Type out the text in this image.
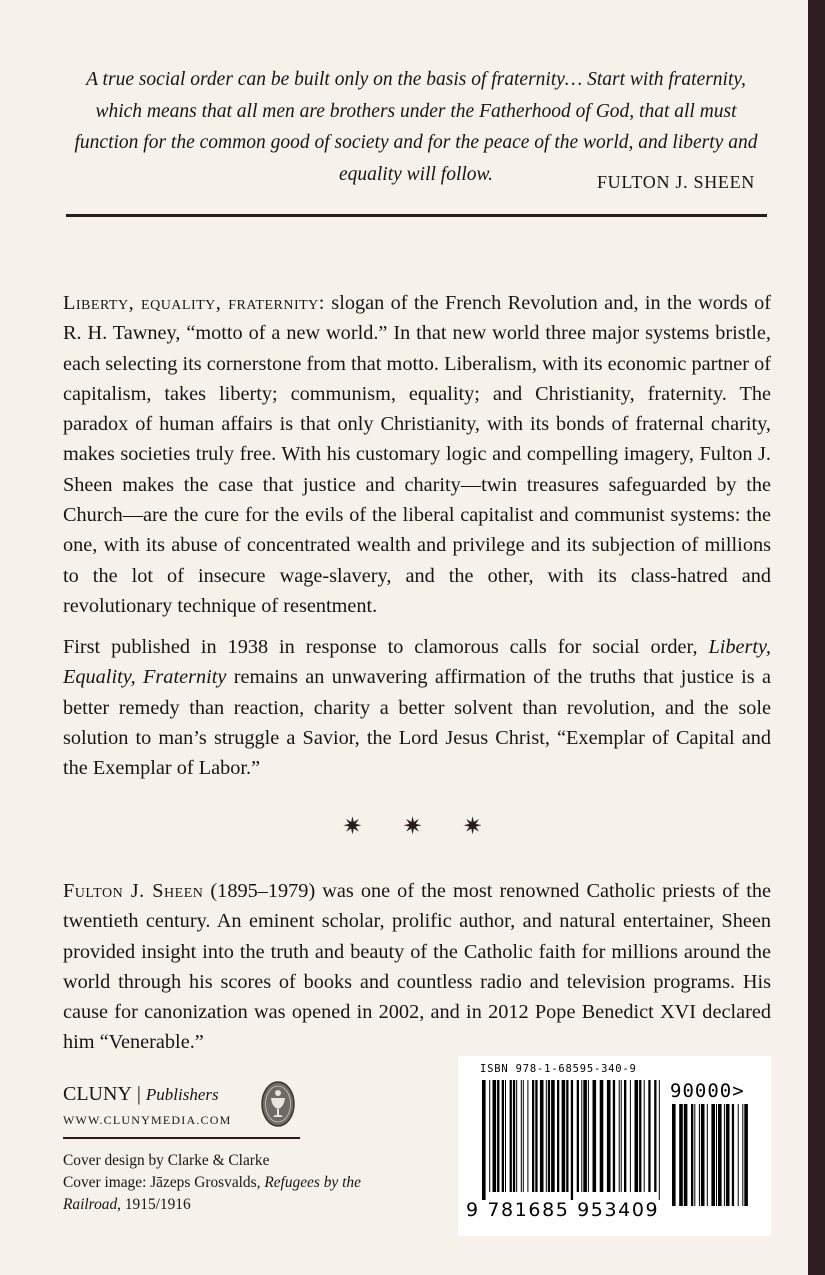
A true social order can be built only on the basis of fraternity… Start with fraternity, which means that all men are brothers under the Fatherhood of God, that all must function for the common good of society and for the peace of the world, and liberty and equality will follow.	FULTON J. SHEEN

Liberty, equality, fraternity: slogan of the French Revolution and, in the words of R. H. Tawney, “motto of a new world.” In that new world three major systems bristle, each selecting its cornerstone from that motto. Liberalism, with its economic partner of capitalism, takes liberty; communism, equality; and Christianity, fraternity. The paradox of human affairs is that only Christianity, with its bonds of fraternal charity, makes societies truly free. With his customary logic and compelling imagery, Fulton J. Sheen makes the case that justice and charity—twin treasures safeguarded by the Church—are the cure for the evils of the liberal capitalist and communist systems: the one, with its abuse of concentrated wealth and privilege and its subjection of millions to the lot of insecure wage-slavery, and the other, with its class-hatred and revolutionary technique of resentment.

First published in 1938 in response to clamorous calls for social order, Liberty, Equality, Fraternity remains an unwavering affirmation of the truths that justice is a better remedy than reaction, charity a better solvent than revolution, and the sole solution to man’s struggle a Savior, the Lord Jesus Christ, “Exemplar of Capital and the Exemplar of Labor.”

✷ ✷ ✷

Fulton J. Sheen (1895–1979) was one of the most renowned Catholic priests of the twentieth century. An eminent scholar, prolific author, and natural entertainer, Sheen provided insight into the truth and beauty of the Catholic faith for millions around the world through his scores of books and countless radio and television programs. His cause for canonization was opened in 2002, and in 2012 Pope Benedict XVI declared him “Venerable.”

CLUNY | Publishers
WWW.CLUNYMEDIA.COM
Cover design by Clarke & Clarke
Cover image: Jāzeps Grosvalds, Refugees by the Railroad, 1915/1916
ISBN 978-1-68595-340-9
90000>
9 781685 953409
